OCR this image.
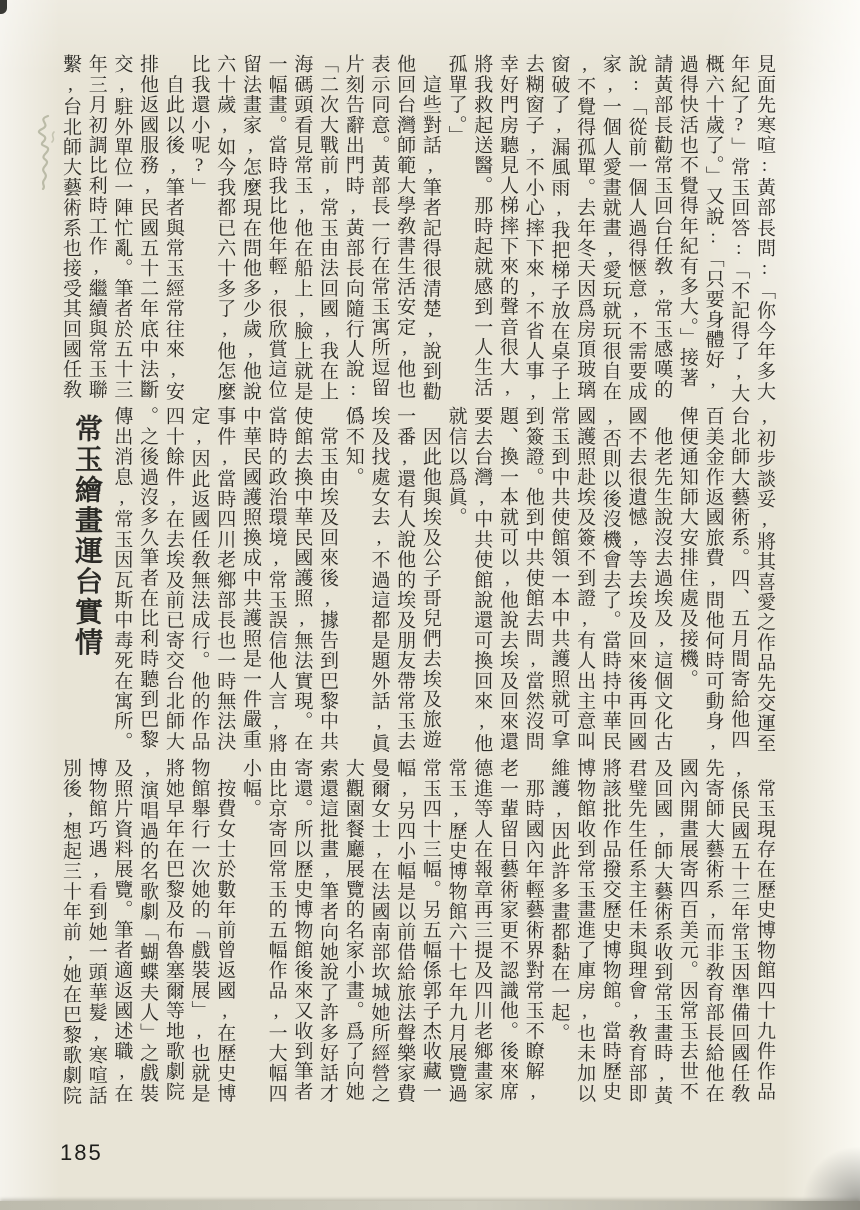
見面先寒喧:黃部長問:「你今年多大
年紀了?」常玉回答:「不記得了,大
概六十歲了。」又說:「只要身體好,
過得快活也不覺得年紀有多大。」接著
請黃部長勸常玉回台任敎,常玉感嘆的
說:「從前一個人過得愜意,不需要成
家,一個人愛畫就畫,愛玩就玩很自在
,不覺得孤單。去年冬天因爲房頂玻璃
窗破了,漏風雨,我把梯子放在桌子上
去糊窗子,不小心摔下來,不省人事,
幸好門房聽見人梯摔下來的聲音很大,
將我救起送醫。那時起就感到一人生活
孤單了。」
　這些對話,筆者記得很清楚,說到勸
他回台灣師範大學敎書生活安定,他也
表示同意。黃部長一行在常玉寓所逗留
片刻告辭出門時,黃部長向隨行人說:
「二次大戰前,常玉由法回國,我在上
海碼頭看見常玉,他在船上,臉上就是
一幅畫。當時我比他年輕,很欣賞這位
留法畫家,怎麼現在問他多少歲,他說
六十歲,如今我都已六十多了,他怎麼
比我還小呢?」
　自此以後,筆者與常玉經常往來,安
排他返國服務,民國五十二年底中法斷
交,駐外單位一陣忙亂。筆者於五十三
年三月初調比利時工作,繼續與常玉聯
繫,台北師大藝術系也接受其回國任敎
,初步談妥,將其喜愛之作品先交運至
台北師大藝術系。四、五月間寄給他四
百美金作返國旅費,問他何時可動身,
俾便通知師大安排住處及接機。
　他老先生說沒去過埃及,這個文化古
國不去很遺憾,等去埃及回來後再回國
,否則以後沒機會去了。當時持中華民
國護照赴埃及簽不到證,有人出主意叫
常玉到中共使館領一本中共護照就可拿
到簽證。他到中共使館去問,當然沒問
題、換一本就可以,他說去埃及回來還
要去台灣,中共使館說還可換回來,他
就信以爲眞。
　因此他與埃及公子哥兒們去埃及旅遊
一番,還有人說他的埃及朋友帶常玉去
埃及找處女去,不過這都是題外話,眞
僞不知。
　常玉由埃及回來後,據告到巴黎中共
使館去換中華民國護照,無法實現。在
當時的政治環境,常玉誤信他人言,將
中華民國護照換成中共護照是一件嚴重
事件,當時四川老鄉部長也一時無法決
定,因此返國任敎無法成行。他的作品
四十餘件,在去埃及前已寄交台北師大
。之後過沒多久筆者在比利時聽到巴黎
傳出消息,常玉因瓦斯中毒死在寓所。
常玉繪畫運台實情
　常玉現存在歷史博物館四十九件作品
,係民國五十三年常玉因準備回國任敎
先寄師大藝術系,而非敎育部長給他在
國內開畫展寄四百美元。因常玉去世不
及回國,師大藝術系收到常玉畫時,黃
君璧先生任系主任未與理會,敎育部即
將該批作品撥交歷史博物館。當時歷史
博物館收到常玉畫進了庫房,也未加以
維護,因此許多畫都黏在一起。
　那時國內年輕藝術界對常玉不瞭解,
老一輩留日藝術家更不認識他。後來席
德進等人在報章再三提及四川老鄉畫家
常玉,歷史博物館六十七年九月展覽過
常玉四十三幅。另五幅係郭子杰收藏一
幅,另四小幅是以前借給旅法聲樂家費
曼爾女士,在法國南部坎城她所經營之
大觀園餐廳展覽的名家小畫。爲了向她
索還這批畫,筆者向她說了許多好話才
寄還。所以歷史博物館後來又收到筆者
由比京寄回常玉的五幅作品,一大幅四
小幅。
　按費女士於數年前曾返國,在歷史博
物館舉行一次她的「戲裝展」,也就是
將她早年在巴黎及布魯塞爾等地歌劇院
,演唱過的名歌劇「蝴蝶夫人」之戲裝
及照片資料展覽。筆者適返國述職,在
博物館巧遇,看到她一頭華髮,寒喧話
別後,想起三十年前,她在巴黎歌劇院
185
